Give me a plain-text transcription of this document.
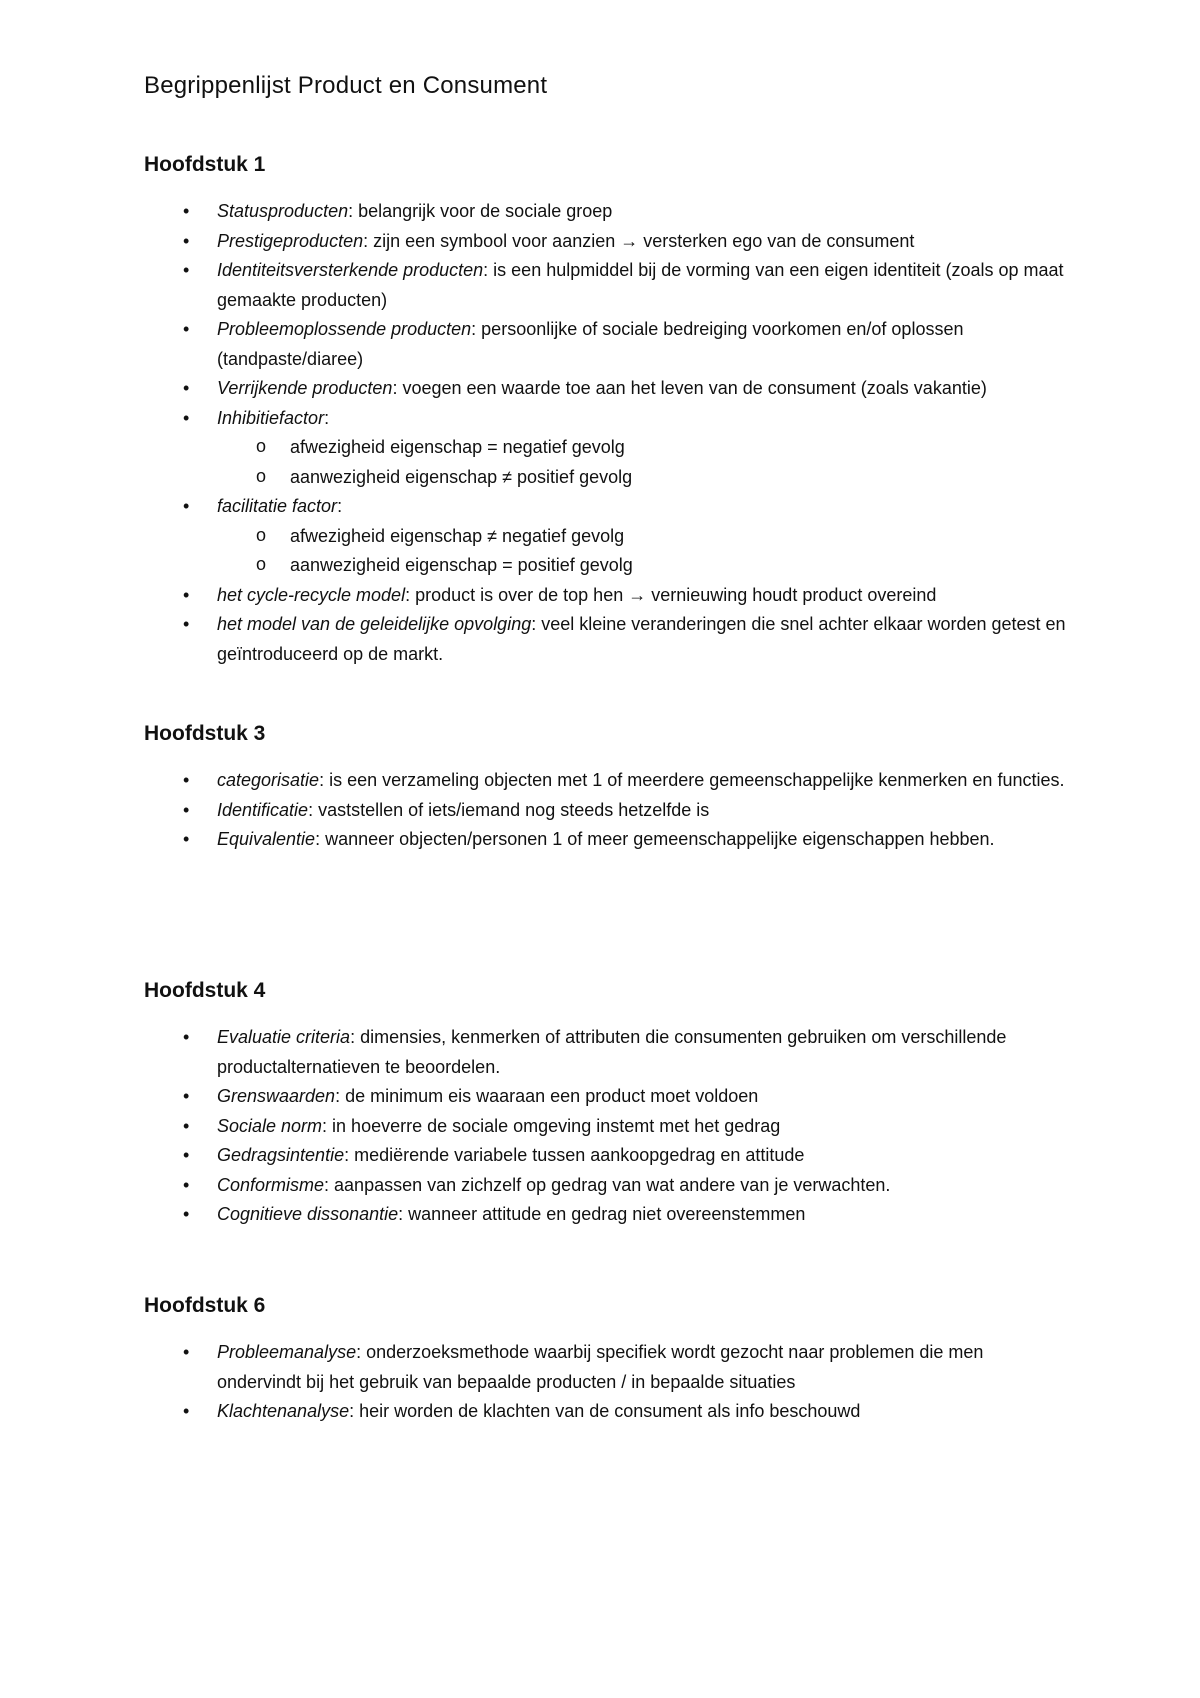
Begrippenlijst Product en Consument
Hoofdstuk 1
• Statusproducten: belangrijk voor de sociale groep
• Prestigeproducten: zijn een symbool voor aanzien → versterken ego van de consument
• Identiteitsversterkende producten: is een hulpmiddel bij de vorming van een eigen identiteit (zoals op maat gemaakte producten)
• Probleemoplossende producten: persoonlijke of sociale bedreiging voorkomen en/of oplossen (tandpaste/diaree)
• Verrijkende producten: voegen een waarde toe aan het leven van de consument (zoals vakantie)
• Inhibitiefactor:
o afwezigheid eigenschap = negatief gevolg
o aanwezigheid eigenschap ≠ positief gevolg
• facilitatie factor:
o afwezigheid eigenschap ≠ negatief gevolg
o aanwezigheid eigenschap = positief gevolg
• het cycle-recycle model: product is over de top hen → vernieuwing houdt product overeind
• het model van de geleidelijke opvolging: veel kleine veranderingen die snel achter elkaar worden getest en geïntroduceerd op de markt.
Hoofdstuk 3
• categorisatie: is een verzameling objecten met 1 of meerdere gemeenschappelijke kenmerken en functies.
• Identificatie: vaststellen of iets/iemand nog steeds hetzelfde is
• Equivalentie: wanneer objecten/personen 1 of meer gemeenschappelijke eigenschappen hebben.
Hoofdstuk 4
• Evaluatie criteria: dimensies, kenmerken of attributen die consumenten gebruiken om verschillende productalternatieven te beoordelen.
• Grenswaarden: de minimum eis waaraan een product moet voldoen
• Sociale norm: in hoeverre de sociale omgeving instemt met het gedrag
• Gedragsintentie: mediërende variabele tussen aankoopgedrag en attitude
• Conformisme: aanpassen van zichzelf op gedrag van wat andere van je verwachten.
• Cognitieve dissonantie: wanneer attitude en gedrag niet overeenstemmen
Hoofdstuk 6
• Probleemanalyse: onderzoeksmethode waarbij specifiek wordt gezocht naar problemen die men ondervindt bij het gebruik van bepaalde producten / in bepaalde situaties
• Klachtenanalyse: heir worden de klachten van de consument als info beschouwd
